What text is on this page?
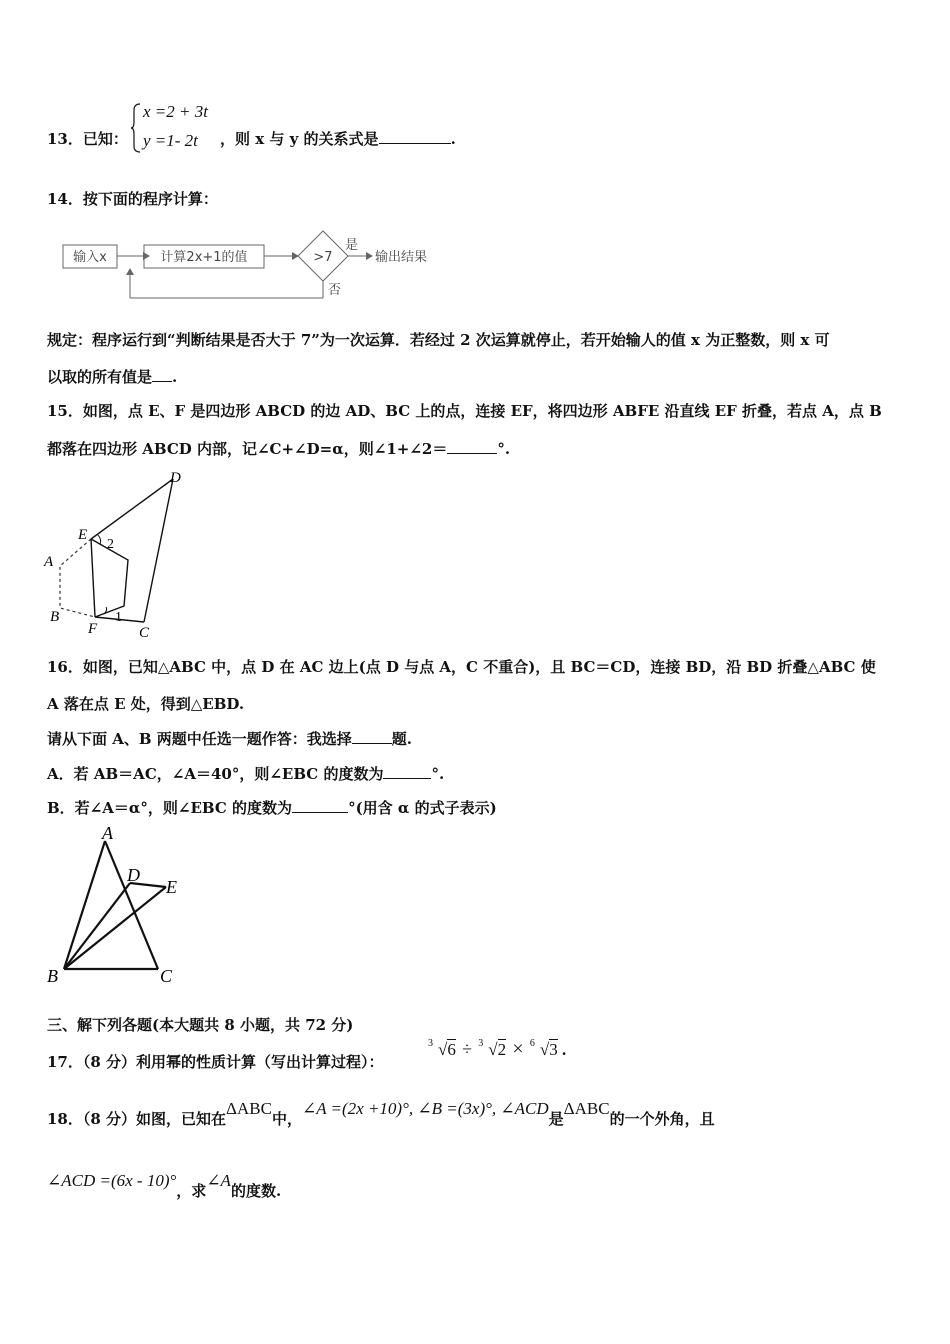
13．已知：
x =2 + 3t
y =1- 2t ，则 x 与 y 的关系式是	.
14．按下面的程序计算：
输入x	计算2x+1的值	>7
是
输出结果
否
规定：程序运行到“判断结果是否大于 7”为一次运算．若经过 2 次运算就停止，若开始输人的值 x 为正整数，则 x 可
以取的所有值是 .
15．如图，点 E、F 是四边形 ABCD 的边 AD、BC 上的点，连接 EF，将四边形 ABFE 沿直线 EF 折叠，若点 A，点 B
都落在四边形 ABCD 内部，记∠C+∠D=α，则∠1+∠2＝	°.
D
E
2
A
B
F
1
C
16．如图，已知△ABC 中，点 D 在 AC 边上(点 D 与点 A，C 不重合)，且 BC＝CD，连接 BD，沿 BD 折叠△ABC 使
A 落在点 E 处，得到△EBD.
请从下面 A、B 两题中任选一题作答：我选择	题.
A．若 AB＝AC，∠A＝40°，则∠EBC 的度数为	°.
B．若∠A＝α°，则∠EBC 的度数为	°(用含 α 的式子表示)
A
D
E
B	C
三、解下列各题(本大题共 8 小题，共 72 分)
17．（8 分）利用幂的性质计算（写出计算过程）：
3 √6 ÷ 3 √2 × 6 √3 .
18．（8 分）如图，已知在ΔABC中，∠A =(2x +10)°, ∠B =(3x)°, ∠ACD是ΔABC的一个外角，且
∠ACD =(6x - 10)°，求∠A的度数.
